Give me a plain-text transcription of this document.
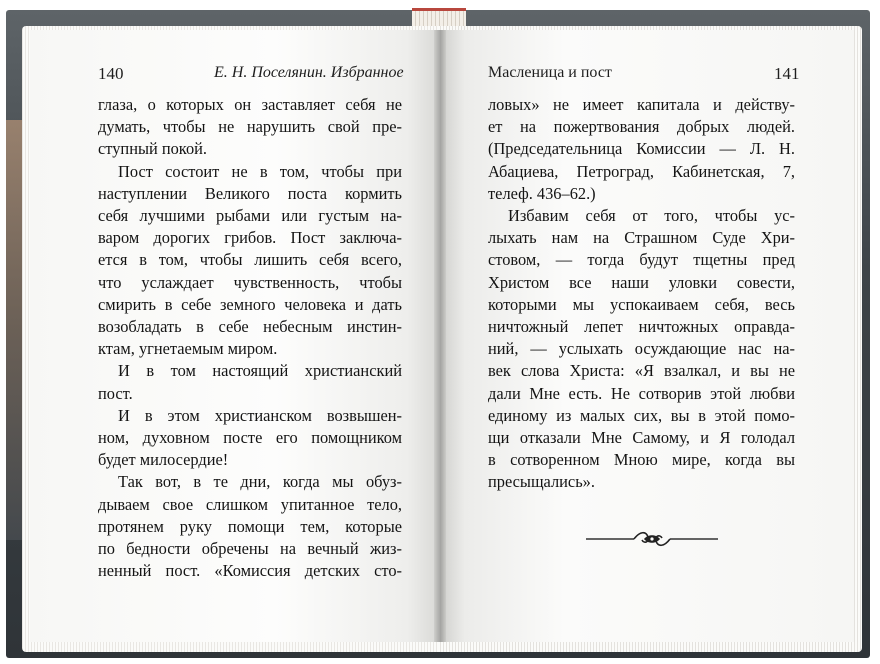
140	Е. Н. Поселянин. Избранное	Масленица и пост	141
глаза, о которых он заставляет себя не
думать, чтобы не нарушить свой пре-
ступный покой.
Пост состоит не в том, чтобы при
наступлении Великого поста кормить
себя лучшими рыбами или густым на-
варом дорогих грибов. Пост заключа-
ется в том, чтобы лишить себя всего,
что услаждает чувственность, чтобы
смирить в себе земного человека и дать
возобладать в себе небесным инстин-
ктам, угнетаемым миром.
И в том настоящий христианский
пост.
И в этом христианском возвышен-
ном, духовном посте его помощником
будет милосердие!
Так вот, в те дни, когда мы обуз-
дываем свое слишком упитанное тело,
протянем руку помощи тем, которые
по бедности обречены на вечный жиз-
ненный пост. «Комиссия детских сто-
ловых» не имеет капитала и действу-
ет на пожертвования добрых людей.
(Председательница Комиссии — Л. Н.
Абациева, Петроград, Кабинетская, 7,
телеф. 436–62.)
Избавим себя от того, чтобы ус-
лыхать нам на Страшном Суде Хри-
стовом, — тогда будут тщетны пред
Христом все наши уловки совести,
которыми мы успокаиваем себя, весь
ничтожный лепет ничтожных оправда-
ний, — услыхать осуждающие нас на-
век слова Христа: «Я взалкал, и вы не
дали Мне есть. Не сотворив этой любви
единому из малых сих, вы в этой помо-
щи отказали Мне Самому, и Я голодал
в сотворенном Мною мире, когда вы
пресыщались».
